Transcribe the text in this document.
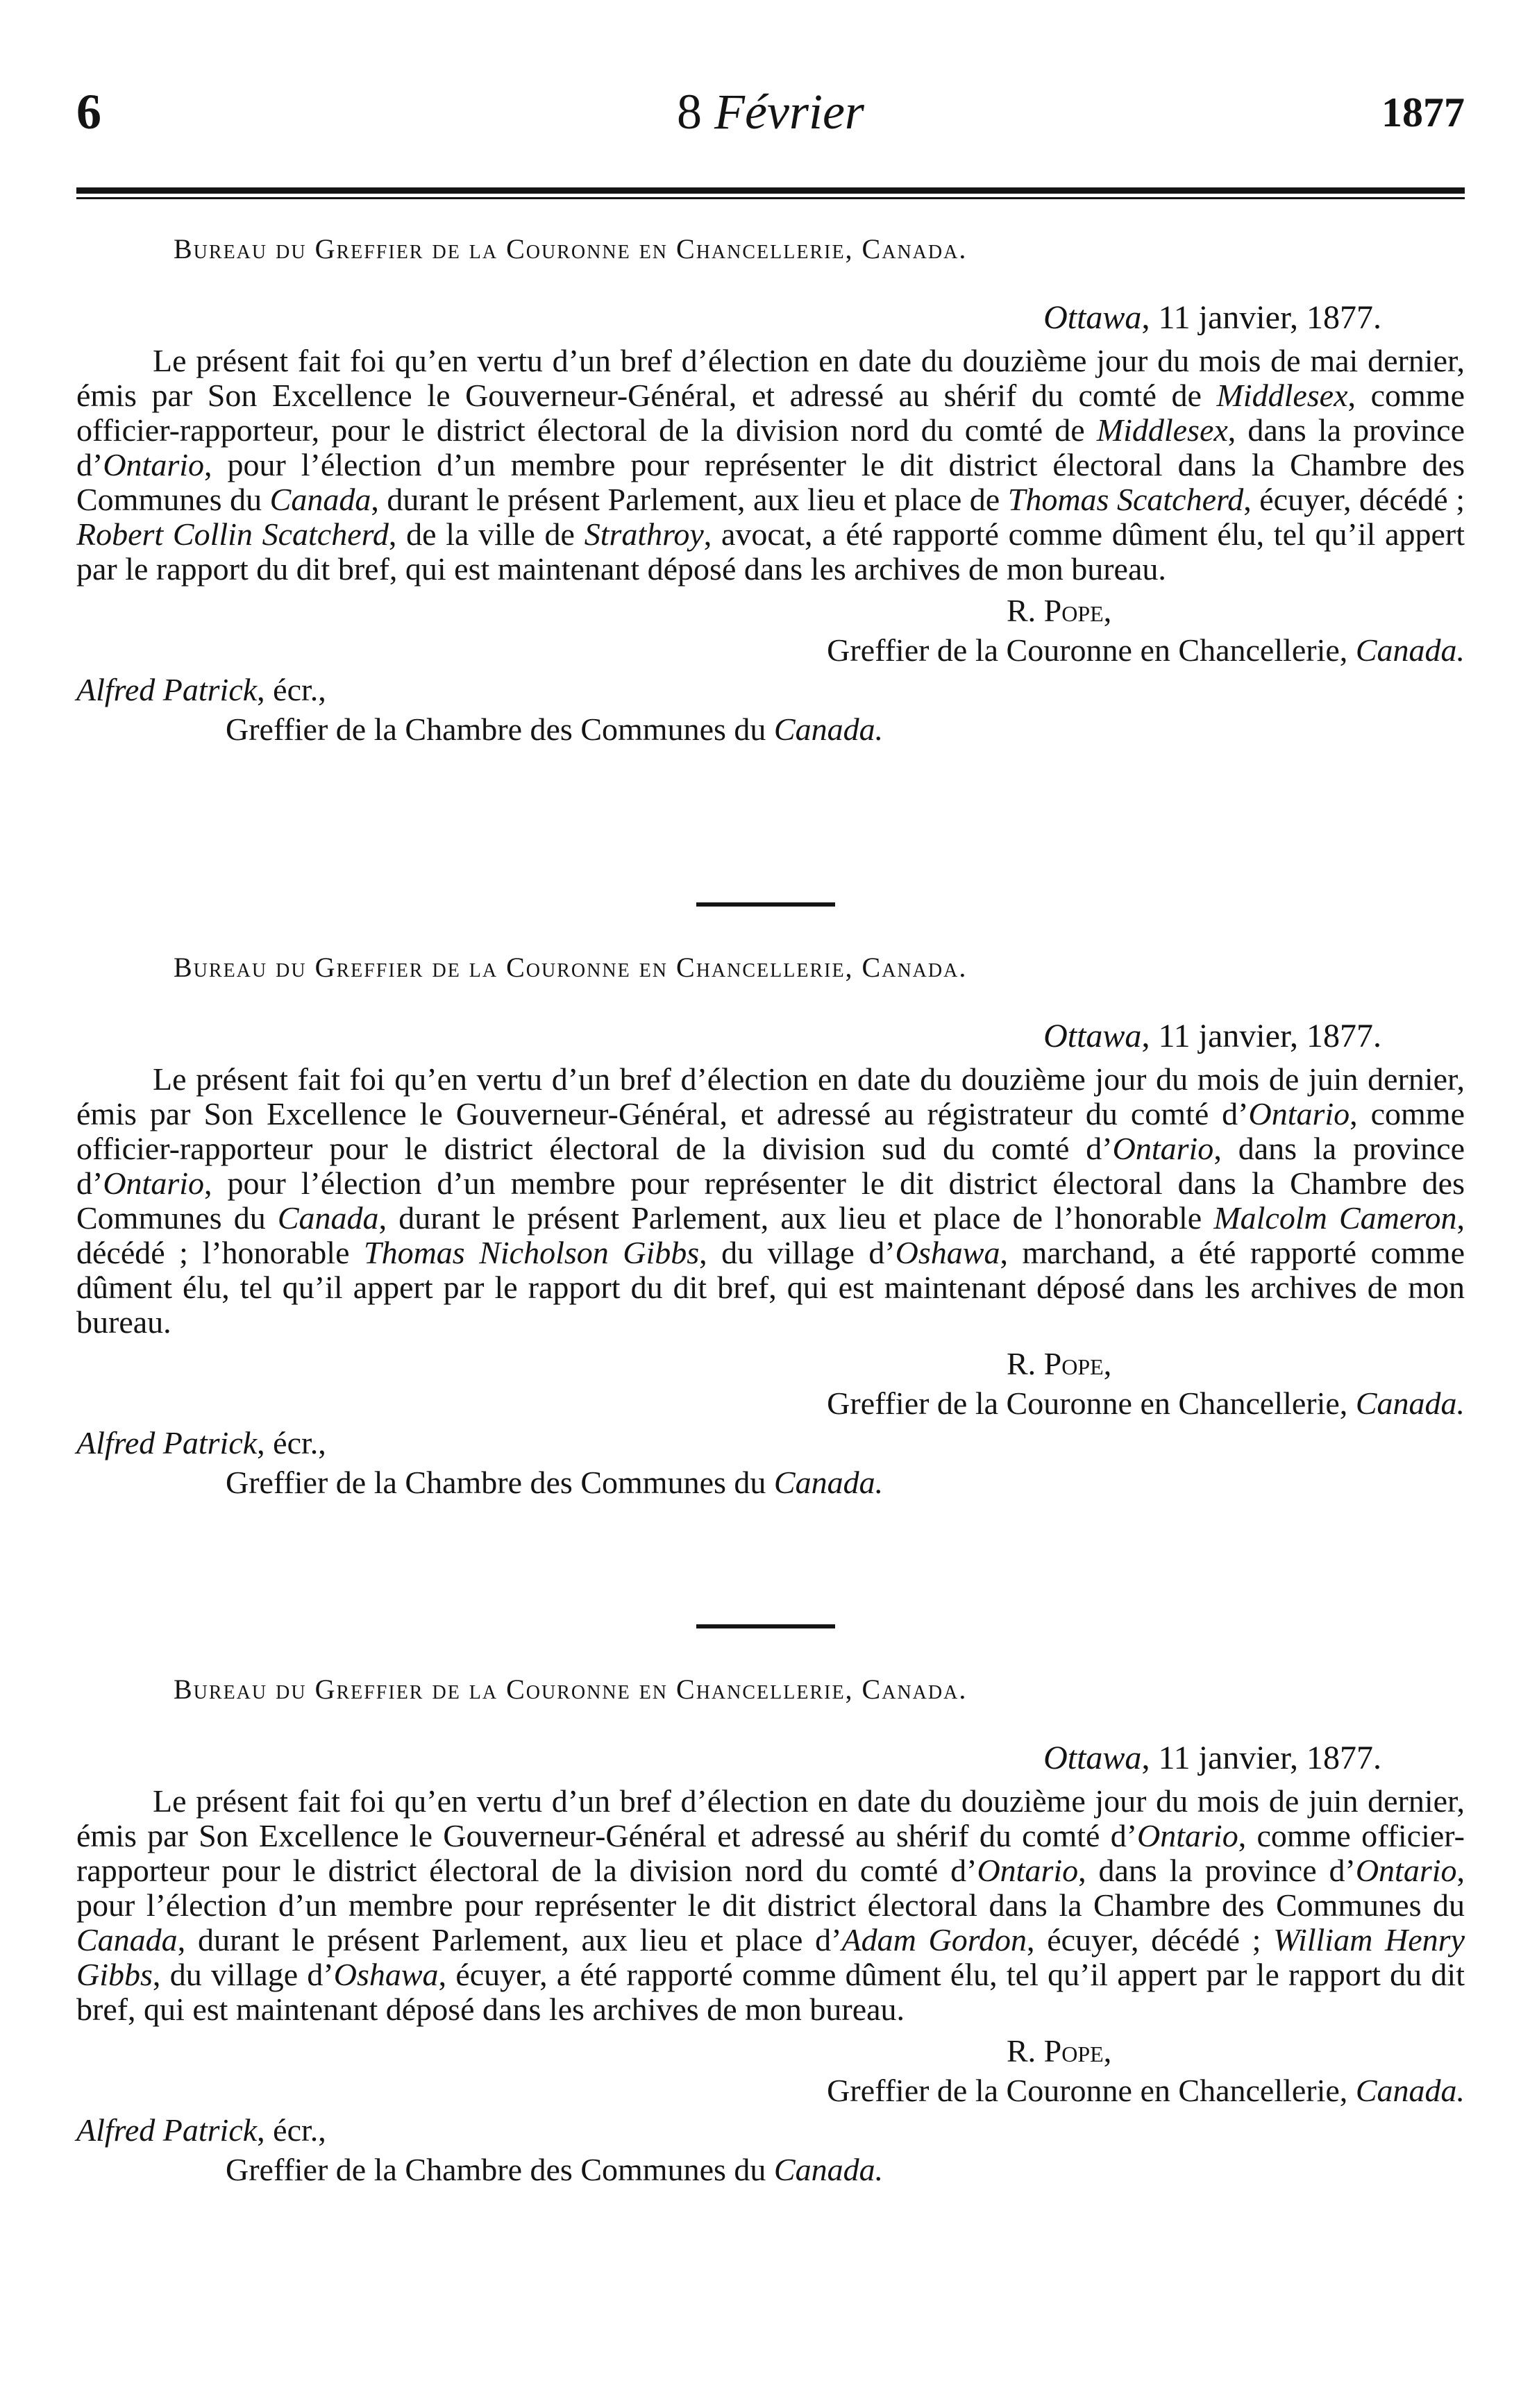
6	8 Février	1877
Bureau du Greffier de la Couronne en Chancellerie, Canada.
Ottawa, 11 janvier, 1877.
Le présent fait foi qu’en vertu d’un bref d’élection en date du douzième jour du mois de mai dernier, émis par Son Excellence le Gouverneur-Général, et adressé au shérif du comté de Middlesex, comme officier-rapporteur, pour le district électoral de la division nord du comté de Middlesex, dans la province d’Ontario, pour l’élection d’un membre pour représenter le dit district électoral dans la Chambre des Communes du Canada, durant le présent Parlement, aux lieu et place de Thomas Scatcherd, écuyer, décédé ; Robert Collin Scatcherd, de la ville de Strathroy, avocat, a été rapporté comme dûment élu, tel qu’il appert par le rapport du dit bref, qui est maintenant déposé dans les archives de mon bureau.
R. Pope,
Greffier de la Couronne en Chancellerie, Canada.
Alfred Patrick, écr.,
Greffier de la Chambre des Communes du Canada.
Bureau du Greffier de la Couronne en Chancellerie, Canada.
Ottawa, 11 janvier, 1877.
Le présent fait foi qu’en vertu d’un bref d’élection en date du douzième jour du mois de juin dernier, émis par Son Excellence le Gouverneur-Général, et adressé au régistrateur du comté d’Ontario, comme officier-rapporteur pour le district électoral de la division sud du comté d’Ontario, dans la province d’Ontario, pour l’élection d’un membre pour représenter le dit district électoral dans la Chambre des Communes du Canada, durant le présent Parlement, aux lieu et place de l’honorable Malcolm Cameron, décédé ; l’honorable Thomas Nicholson Gibbs, du village d’Oshawa, marchand, a été rapporté comme dûment élu, tel qu’il appert par le rapport du dit bref, qui est maintenant déposé dans les archives de mon bureau.
R. Pope,
Greffier de la Couronne en Chancellerie, Canada.
Alfred Patrick, écr.,
Greffier de la Chambre des Communes du Canada.
Bureau du Greffier de la Couronne en Chancellerie, Canada.
Ottawa, 11 janvier, 1877.
Le présent fait foi qu’en vertu d’un bref d’élection en date du douzième jour du mois de juin dernier, émis par Son Excellence le Gouverneur-Général et adressé au shérif du comté d’Ontario, comme officier-rapporteur pour le district électoral de la division nord du comté d’Ontario, dans la province d’Ontario, pour l’élection d’un membre pour représenter le dit district électoral dans la Chambre des Communes du Canada, durant le présent Parlement, aux lieu et place d’Adam Gordon, écuyer, décédé ; William Henry Gibbs, du village d’Oshawa, écuyer, a été rapporté comme dûment élu, tel qu’il appert par le rapport du dit bref, qui est maintenant déposé dans les archives de mon bureau.
R. Pope,
Greffier de la Couronne en Chancellerie, Canada.
Alfred Patrick, écr.,
Greffier de la Chambre des Communes du Canada.
